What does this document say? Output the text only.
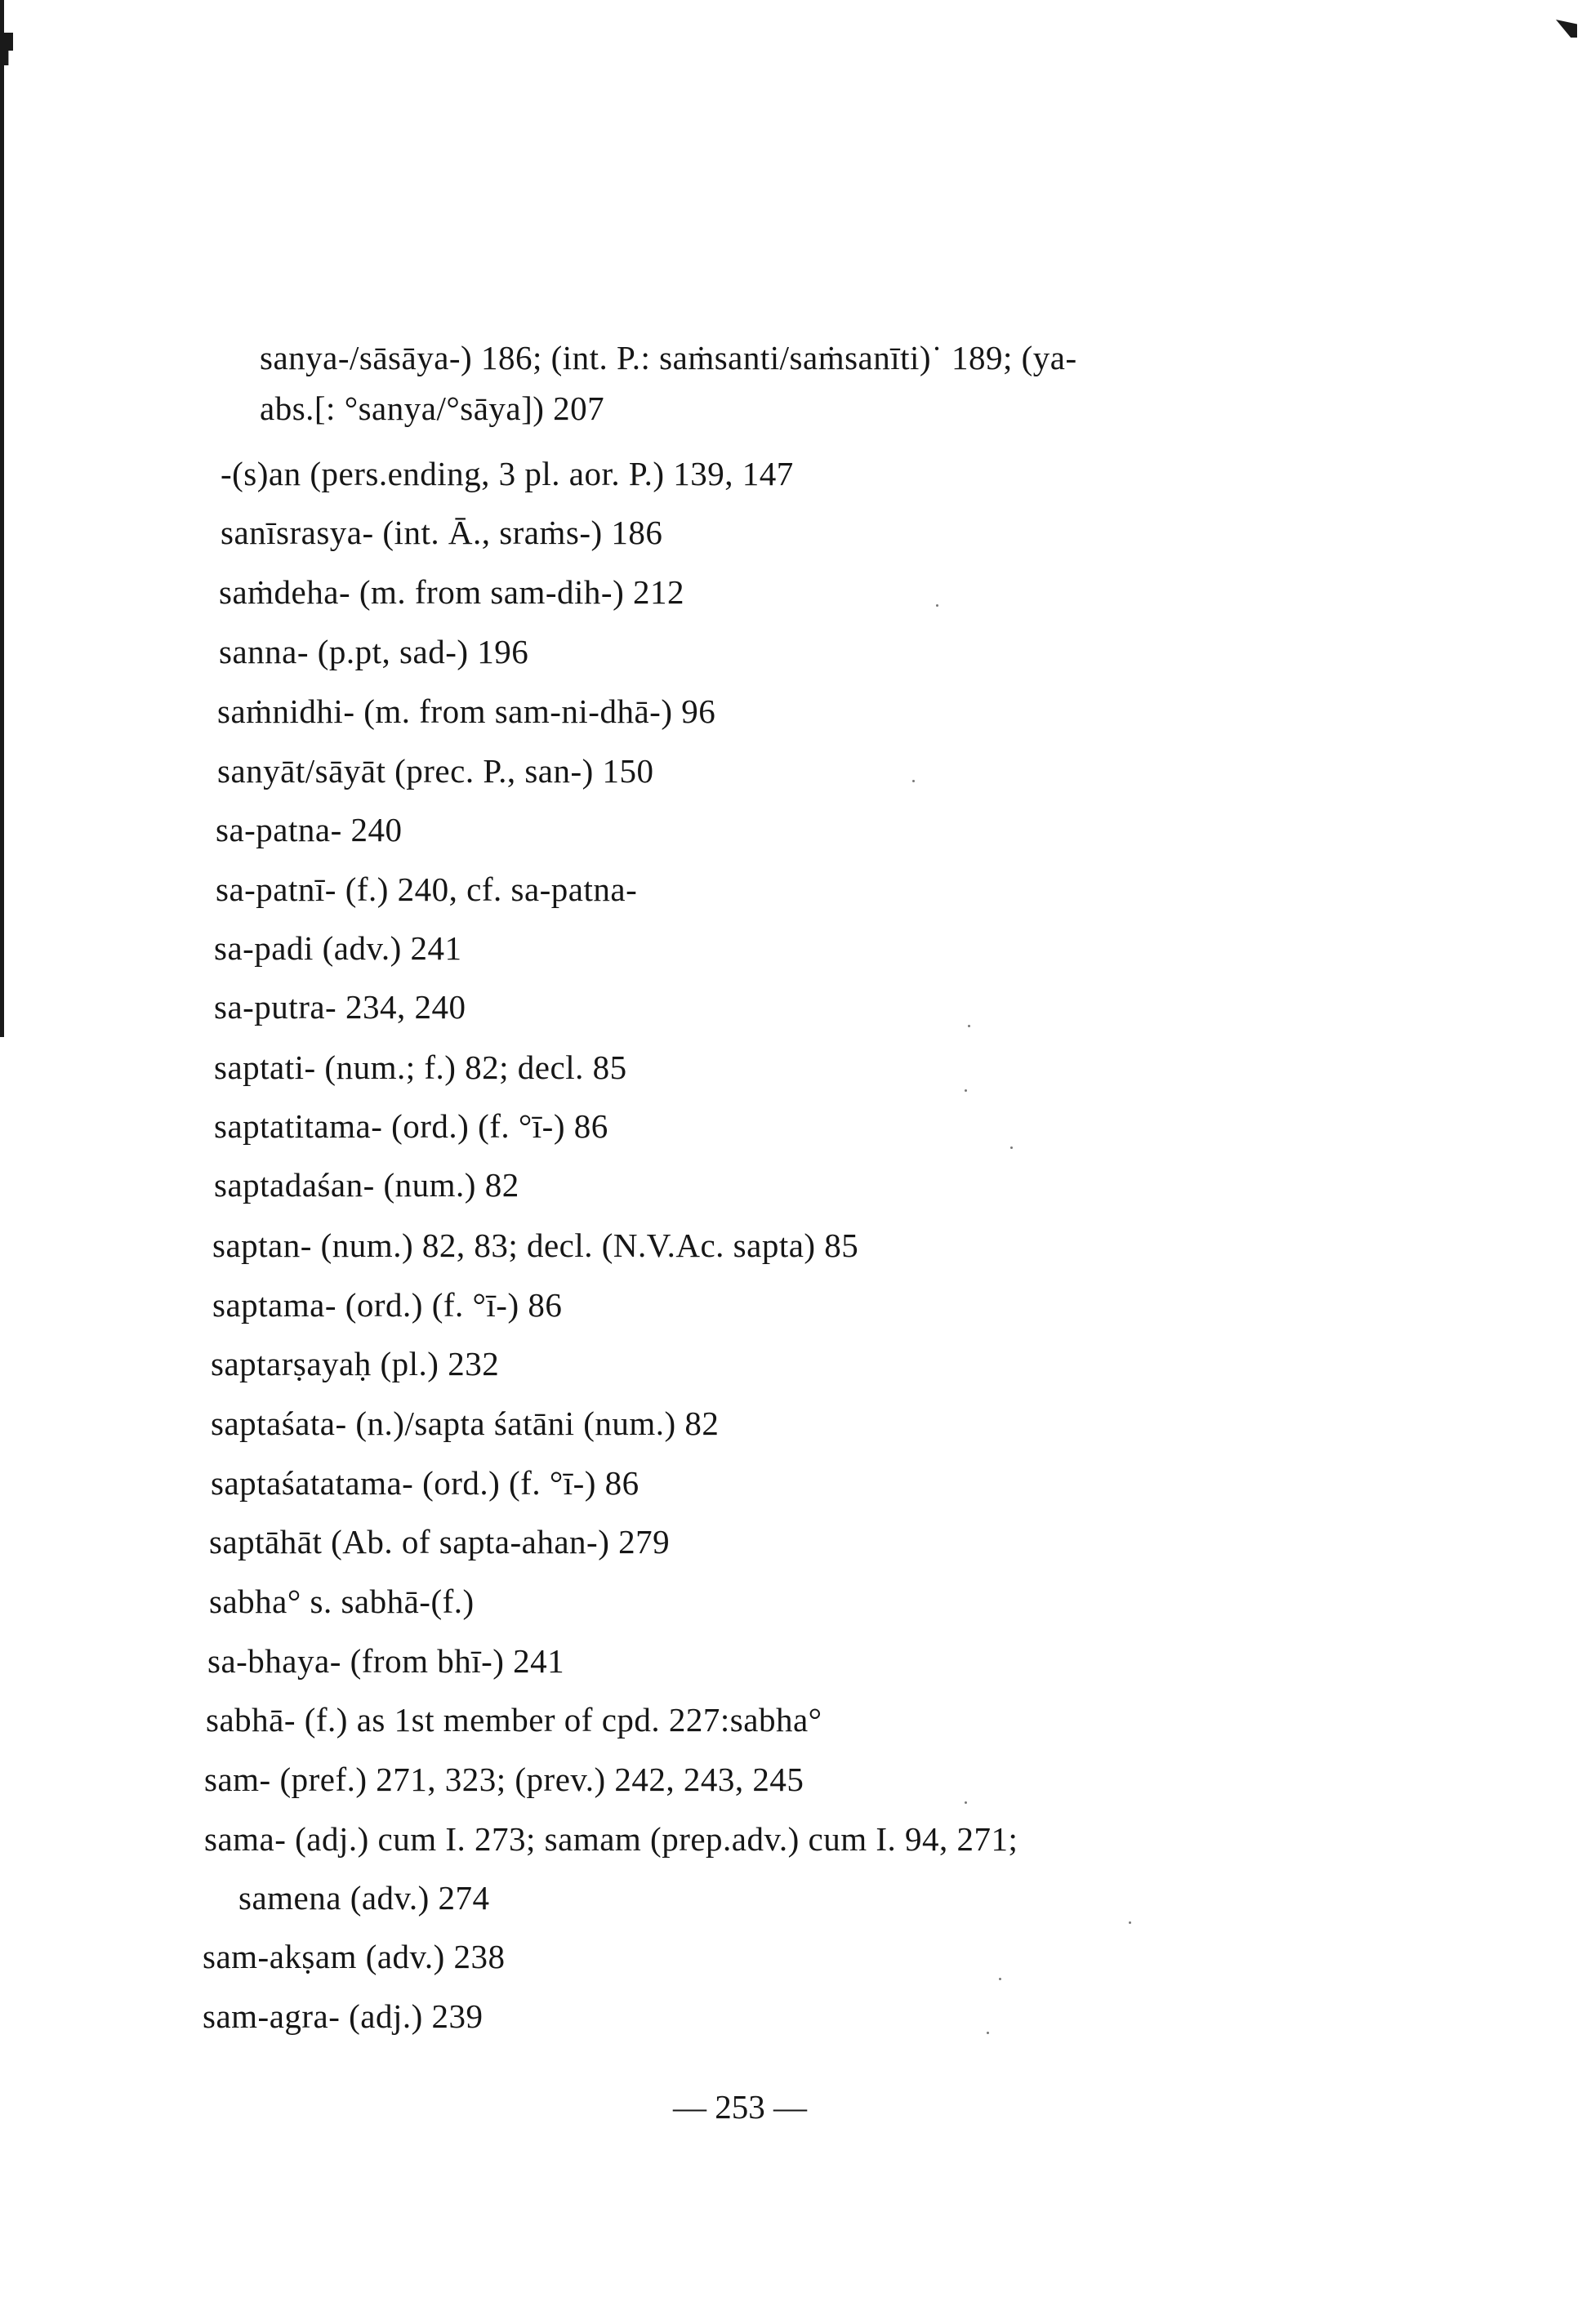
sanya-/sāsāya-) 186; (int. P.: saṁsanti/saṁsanīti)˙ 189; (ya-
abs.[: °sanya/°sāya]) 207
-(s)an (pers.ending, 3 pl. aor. P.) 139, 147
sanīsrasya- (int. Ā., sraṁs-) 186
saṁdeha- (m. from sam-dih-) 212
sanna- (p.pt, sad-) 196
saṁnidhi- (m. from sam-ni-dhā-) 96
sanyāt/sāyāt (prec. P., san-) 150
sa-patna- 240
sa-patnī- (f.) 240, cf. sa-patna-
sa-padi (adv.) 241
sa-putra- 234, 240
saptati- (num.; f.) 82; decl. 85
saptatitama- (ord.) (f. °ī-) 86
saptadaśan- (num.) 82
saptan- (num.) 82, 83; decl. (N.V.Ac. sapta) 85
saptama- (ord.) (f. °ī-) 86
saptarṣayaḥ (pl.) 232
saptaśata- (n.)/sapta śatāni (num.) 82
saptaśatatama- (ord.) (f. °ī-) 86
saptāhāt (Ab. of sapta-ahan-) 279
sabha° s. sabhā-(f.)
sa-bhaya- (from bhī-) 241
sabhā- (f.) as 1st member of cpd. 227:sabha°
sam- (pref.) 271, 323; (prev.) 242, 243, 245
sama- (adj.) cum I. 273; samam (prep.adv.) cum I. 94, 271;
samena (adv.) 274
sam-akṣam (adv.) 238
sam-agra- (adj.) 239
— 253 —
